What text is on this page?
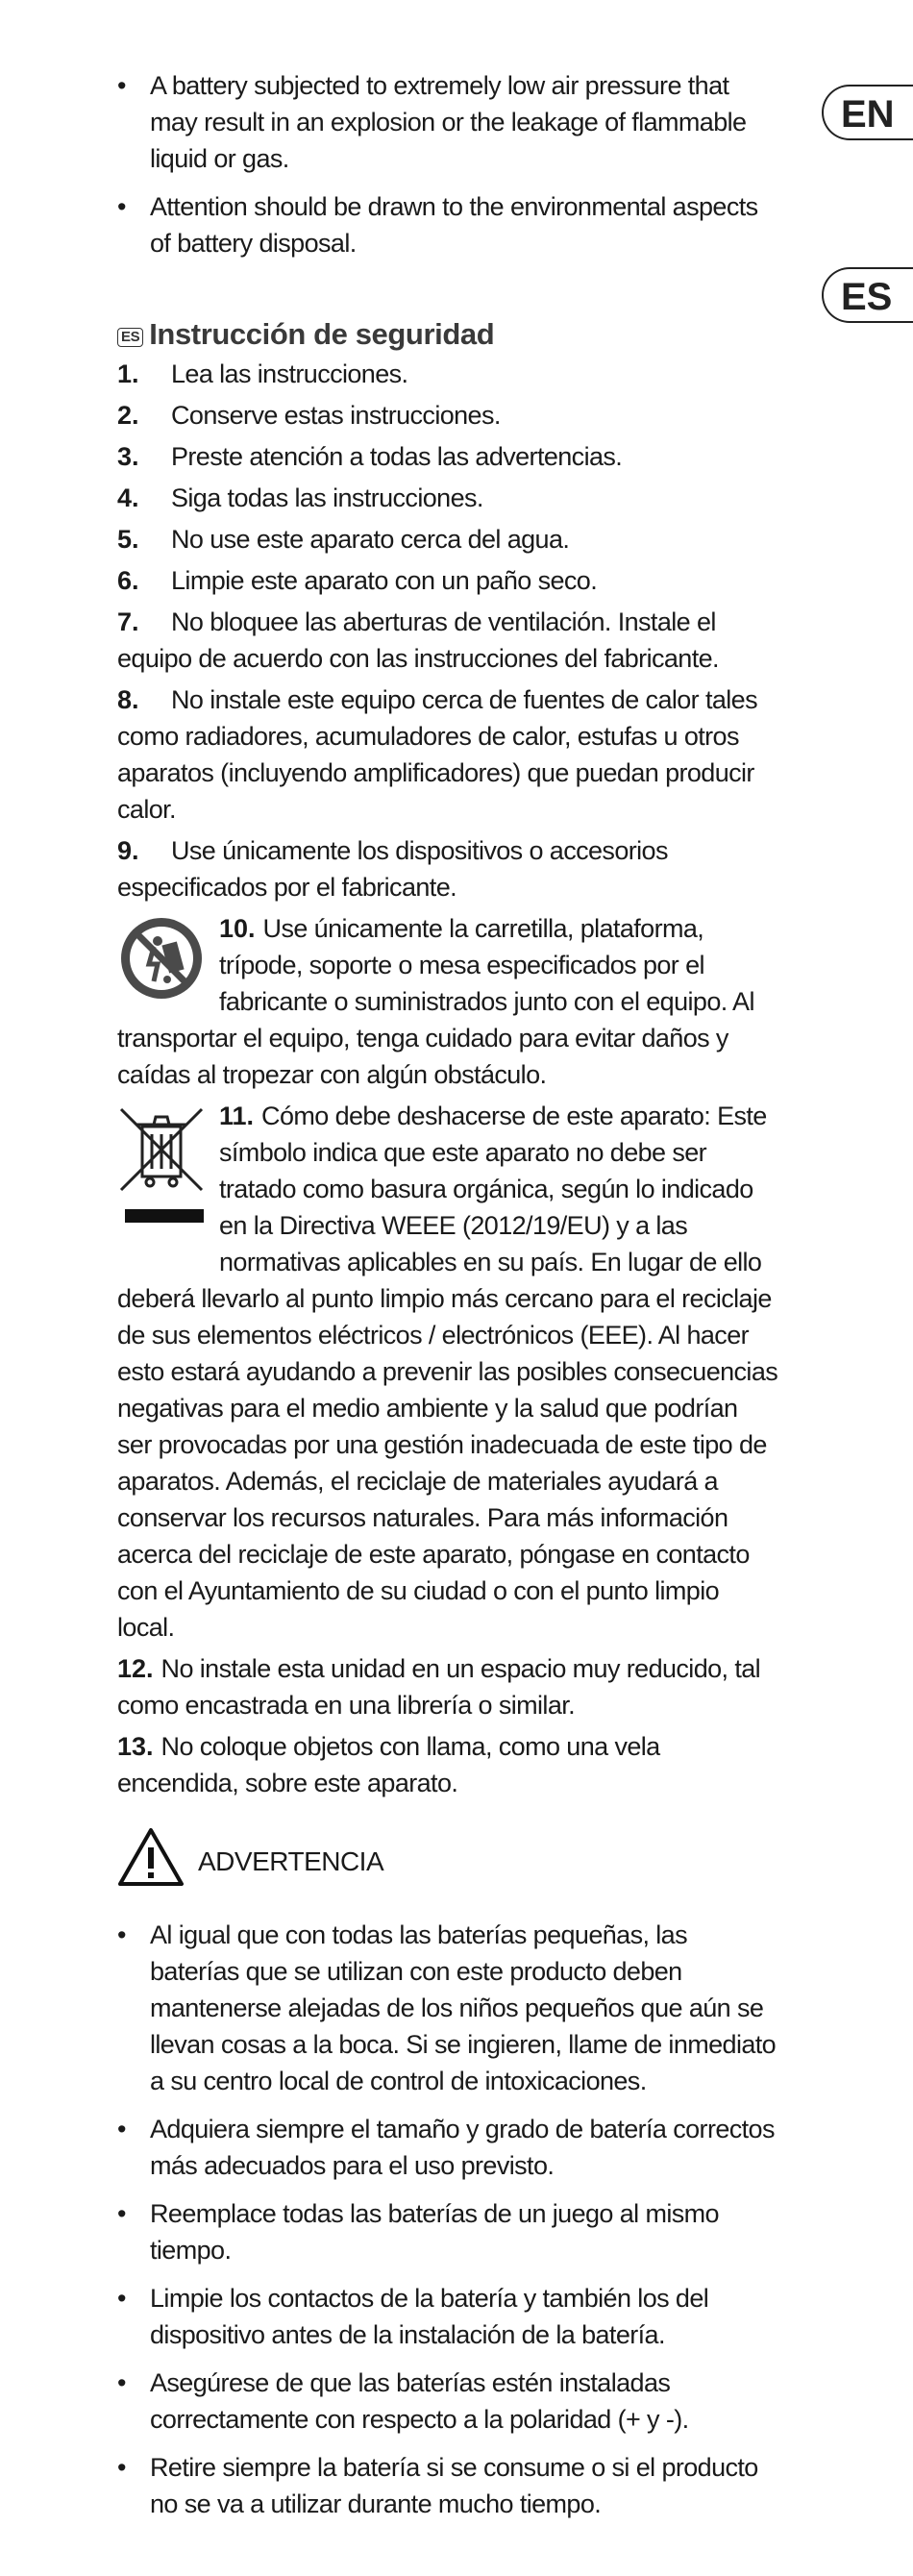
EN
ES
• A battery subjected to extremely low air pressure that may result in an explosion or the leakage of flammable liquid or gas.
• Attention should be drawn to the environmental aspects of battery disposal.
ES Instrucción de seguridad
1. Lea las instrucciones.
2. Conserve estas instrucciones.
3. Preste atención a todas las advertencias.
4. Siga todas las instrucciones.
5. No use este aparato cerca del agua.
6. Limpie este aparato con un paño seco.
7. No bloquee las aberturas de ventilación. Instale el equipo de acuerdo con las instrucciones del fabricante.
8. No instale este equipo cerca de fuentes de calor tales como radiadores, acumuladores de calor, estufas u otros aparatos (incluyendo amplificadores) que puedan producir calor.
9. Use únicamente los dispositivos o accesorios especificados por el fabricante.
10. Use únicamente la carretilla, plataforma, trípode, soporte o mesa especificados por el fabricante o suministrados junto con el equipo. Al transportar el equipo, tenga cuidado para evitar daños y caídas al tropezar con algún obstáculo.
11. Cómo debe deshacerse de este aparato: Este símbolo indica que este aparato no debe ser tratado como basura orgánica, según lo indicado en la Directiva WEEE (2012/19/EU) y a las normativas aplicables en su país. En lugar de ello deberá llevarlo al punto limpio más cercano para el reciclaje de sus elementos eléctricos / electrónicos (EEE). Al hacer esto estará ayudando a prevenir las posibles consecuencias negativas para el medio ambiente y la salud que podrían ser provocadas por una gestión inadecuada de este tipo de aparatos. Además, el reciclaje de materiales ayudará a conservar los recursos naturales. Para más información acerca del reciclaje de este aparato, póngase en contacto con el Ayuntamiento de su ciudad o con el punto limpio local.
12. No instale esta unidad en un espacio muy reducido, tal como encastrada en una librería o similar.
13. No coloque objetos con llama, como una vela encendida, sobre este aparato.
ADVERTENCIA
• Al igual que con todas las baterías pequeñas, las baterías que se utilizan con este producto deben mantenerse alejadas de los niños pequeños que aún se llevan cosas a la boca. Si se ingieren, llame de inmediato a su centro local de control de intoxicaciones.
• Adquiera siempre el tamaño y grado de batería correctos más adecuados para el uso previsto.
• Reemplace todas las baterías de un juego al mismo tiempo.
• Limpie los contactos de la batería y también los del dispositivo antes de la instalación de la batería.
• Asegúrese de que las baterías estén instaladas correctamente con respecto a la polaridad (+ y -).
• Retire siempre la batería si se consume o si el producto no se va a utilizar durante mucho tiempo.
